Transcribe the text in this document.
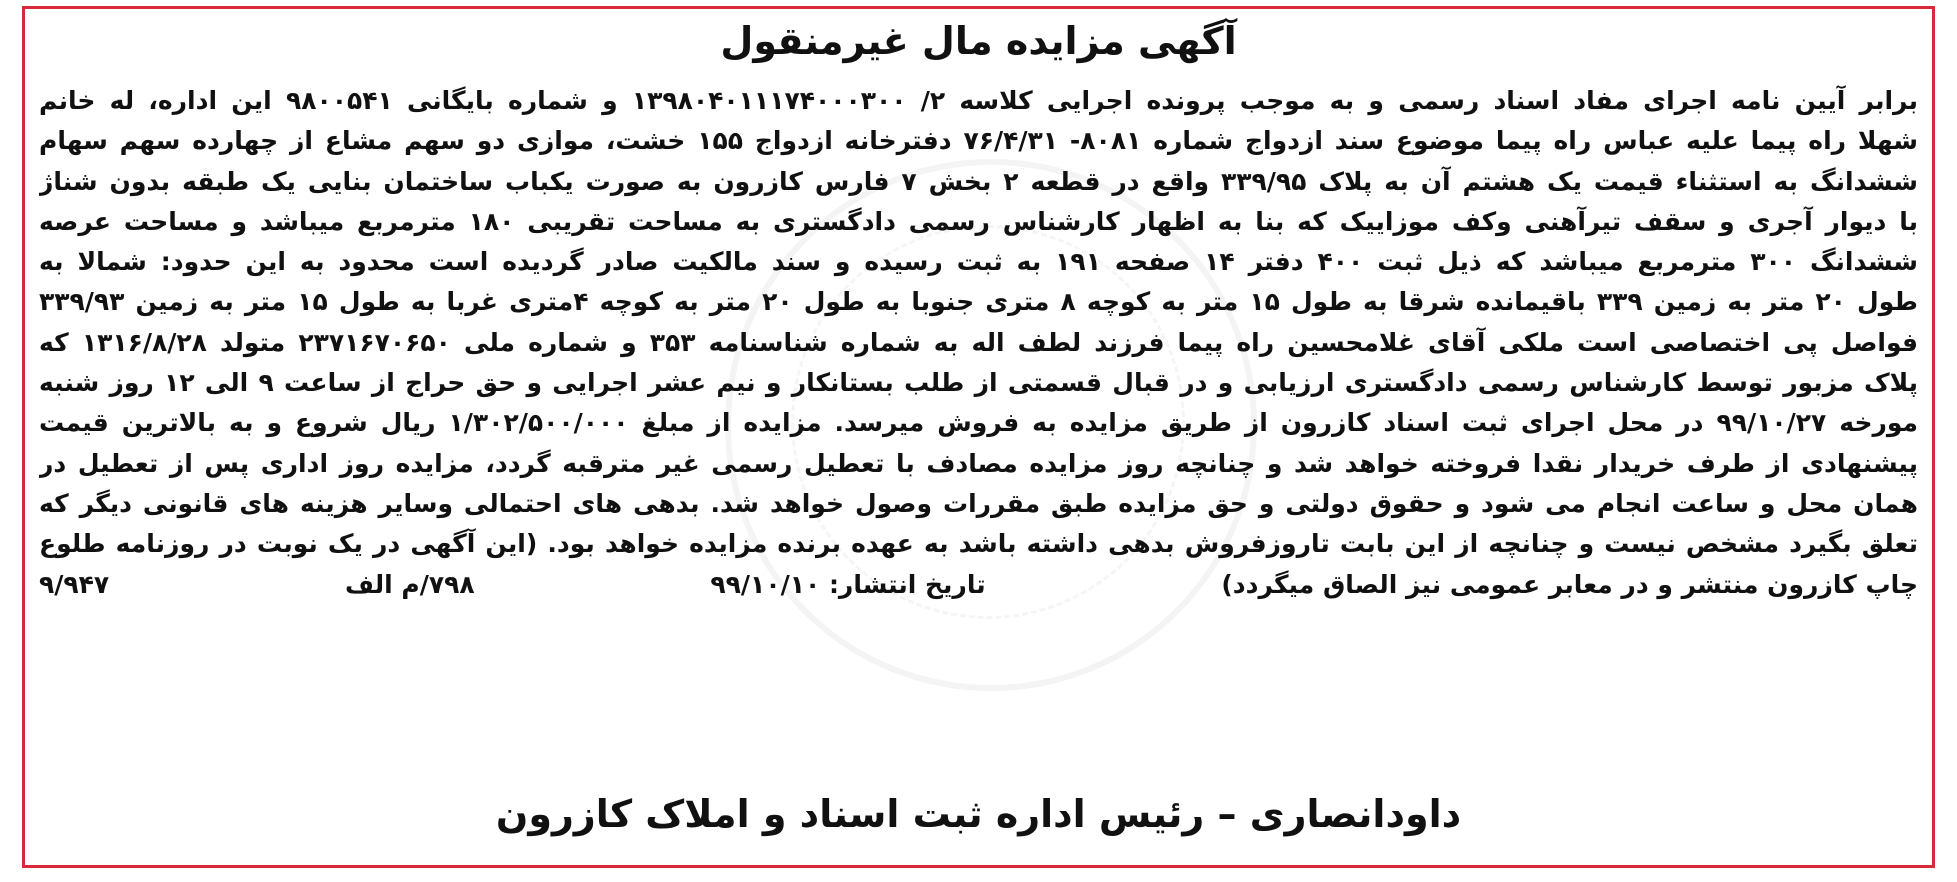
آگهی مزایده مال غیرمنقول
برابر آیین نامه اجرای مفاد اسناد رسمی و به موجب پرونده اجرایی کلاسه ۲/ ۱۳۹۸۰۴۰۱۱۱۷۴۰۰۰۳۰۰ و شماره بایگانی ۹۸۰۰۵۴۱ این اداره، له خانم
شهلا راه پیما علیه عباس راه پیما موضوع سند ازدواج شماره ۸۰۸۱- ۷۶/۴/۳۱ دفترخانه ازدواج ۱۵۵ خشت، موازی دو سهم مشاع از چهارده سهم سهام
ششدانگ به استثناء قیمت یک هشتم آن به پلاک ۳۳۹/۹۵ واقع در قطعه ۲ بخش ۷ فارس کازرون به صورت یکباب ساختمان بنایی یک طبقه بدون شناژ
با دیوار آجری و سقف تیرآهنی وکف موزاییک که بنا به اظهار کارشناس رسمی دادگستری به مساحت تقریبی ۱۸۰ مترمربع میباشد و مساحت عرصه
ششدانگ ۳۰۰ مترمربع میباشد که ذیل ثبت ۴۰۰ دفتر ۱۴ صفحه ۱۹۱ به ثبت رسیده و سند مالکیت صادر گردیده است محدود به این حدود: شمالا به
طول ۲۰ متر به زمین ۳۳۹ باقیمانده شرقا به طول ۱۵ متر به کوچه ۸ متری جنوبا به طول ۲۰ متر به کوچه ۴متری غربا به طول ۱۵ متر به زمین ۳۳۹/۹۳
فواصل پی اختصاصی است ملکی آقای غلامحسین راه پیما فرزند لطف اله به شماره شناسنامه ۳۵۳ و شماره ملی ۲۳۷۱۶۷۰۶۵۰ متولد ۱۳۱۶/۸/۲۸ که
پلاک مزبور توسط کارشناس رسمی دادگستری ارزیابی و در قبال قسمتی از طلب بستانکار و نیم عشر اجرایی و حق حراج از ساعت ۹ الی ۱۲ روز شنبه
مورخه ۹۹/۱۰/۲۷ در محل اجرای ثبت اسناد کازرون از طریق مزایده به فروش میرسد. مزایده از مبلغ ۱/۳۰۲/۵۰۰/۰۰۰ ریال شروع و به بالاترین قیمت
پیشنهادی از طرف خریدار نقدا فروخته خواهد شد و چنانچه روز مزایده مصادف با تعطیل رسمی غیر مترقبه گردد، مزایده روز اداری پس از تعطیل در
همان محل و ساعت انجام می شود و حقوق دولتی و حق مزایده طبق مقررات وصول خواهد شد. بدهی های احتمالی وسایر هزینه های قانونی دیگر که
تعلق بگیرد مشخص نیست و چنانچه از این بابت تاروزفروش بدهی داشته باشد به عهده برنده مزایده خواهد بود. (این آگهی در یک نوبت در روزنامه طلوع
چاپ کازرون منتشر و در معابر عمومی نیز الصاق میگردد)
تاریخ انتشار: ۹۹/۱۰/۱۰
۷۹۸/م الف
۹/۹۴۷
داودانصاری – رئیس اداره ثبت اسناد و املاک کازرون
